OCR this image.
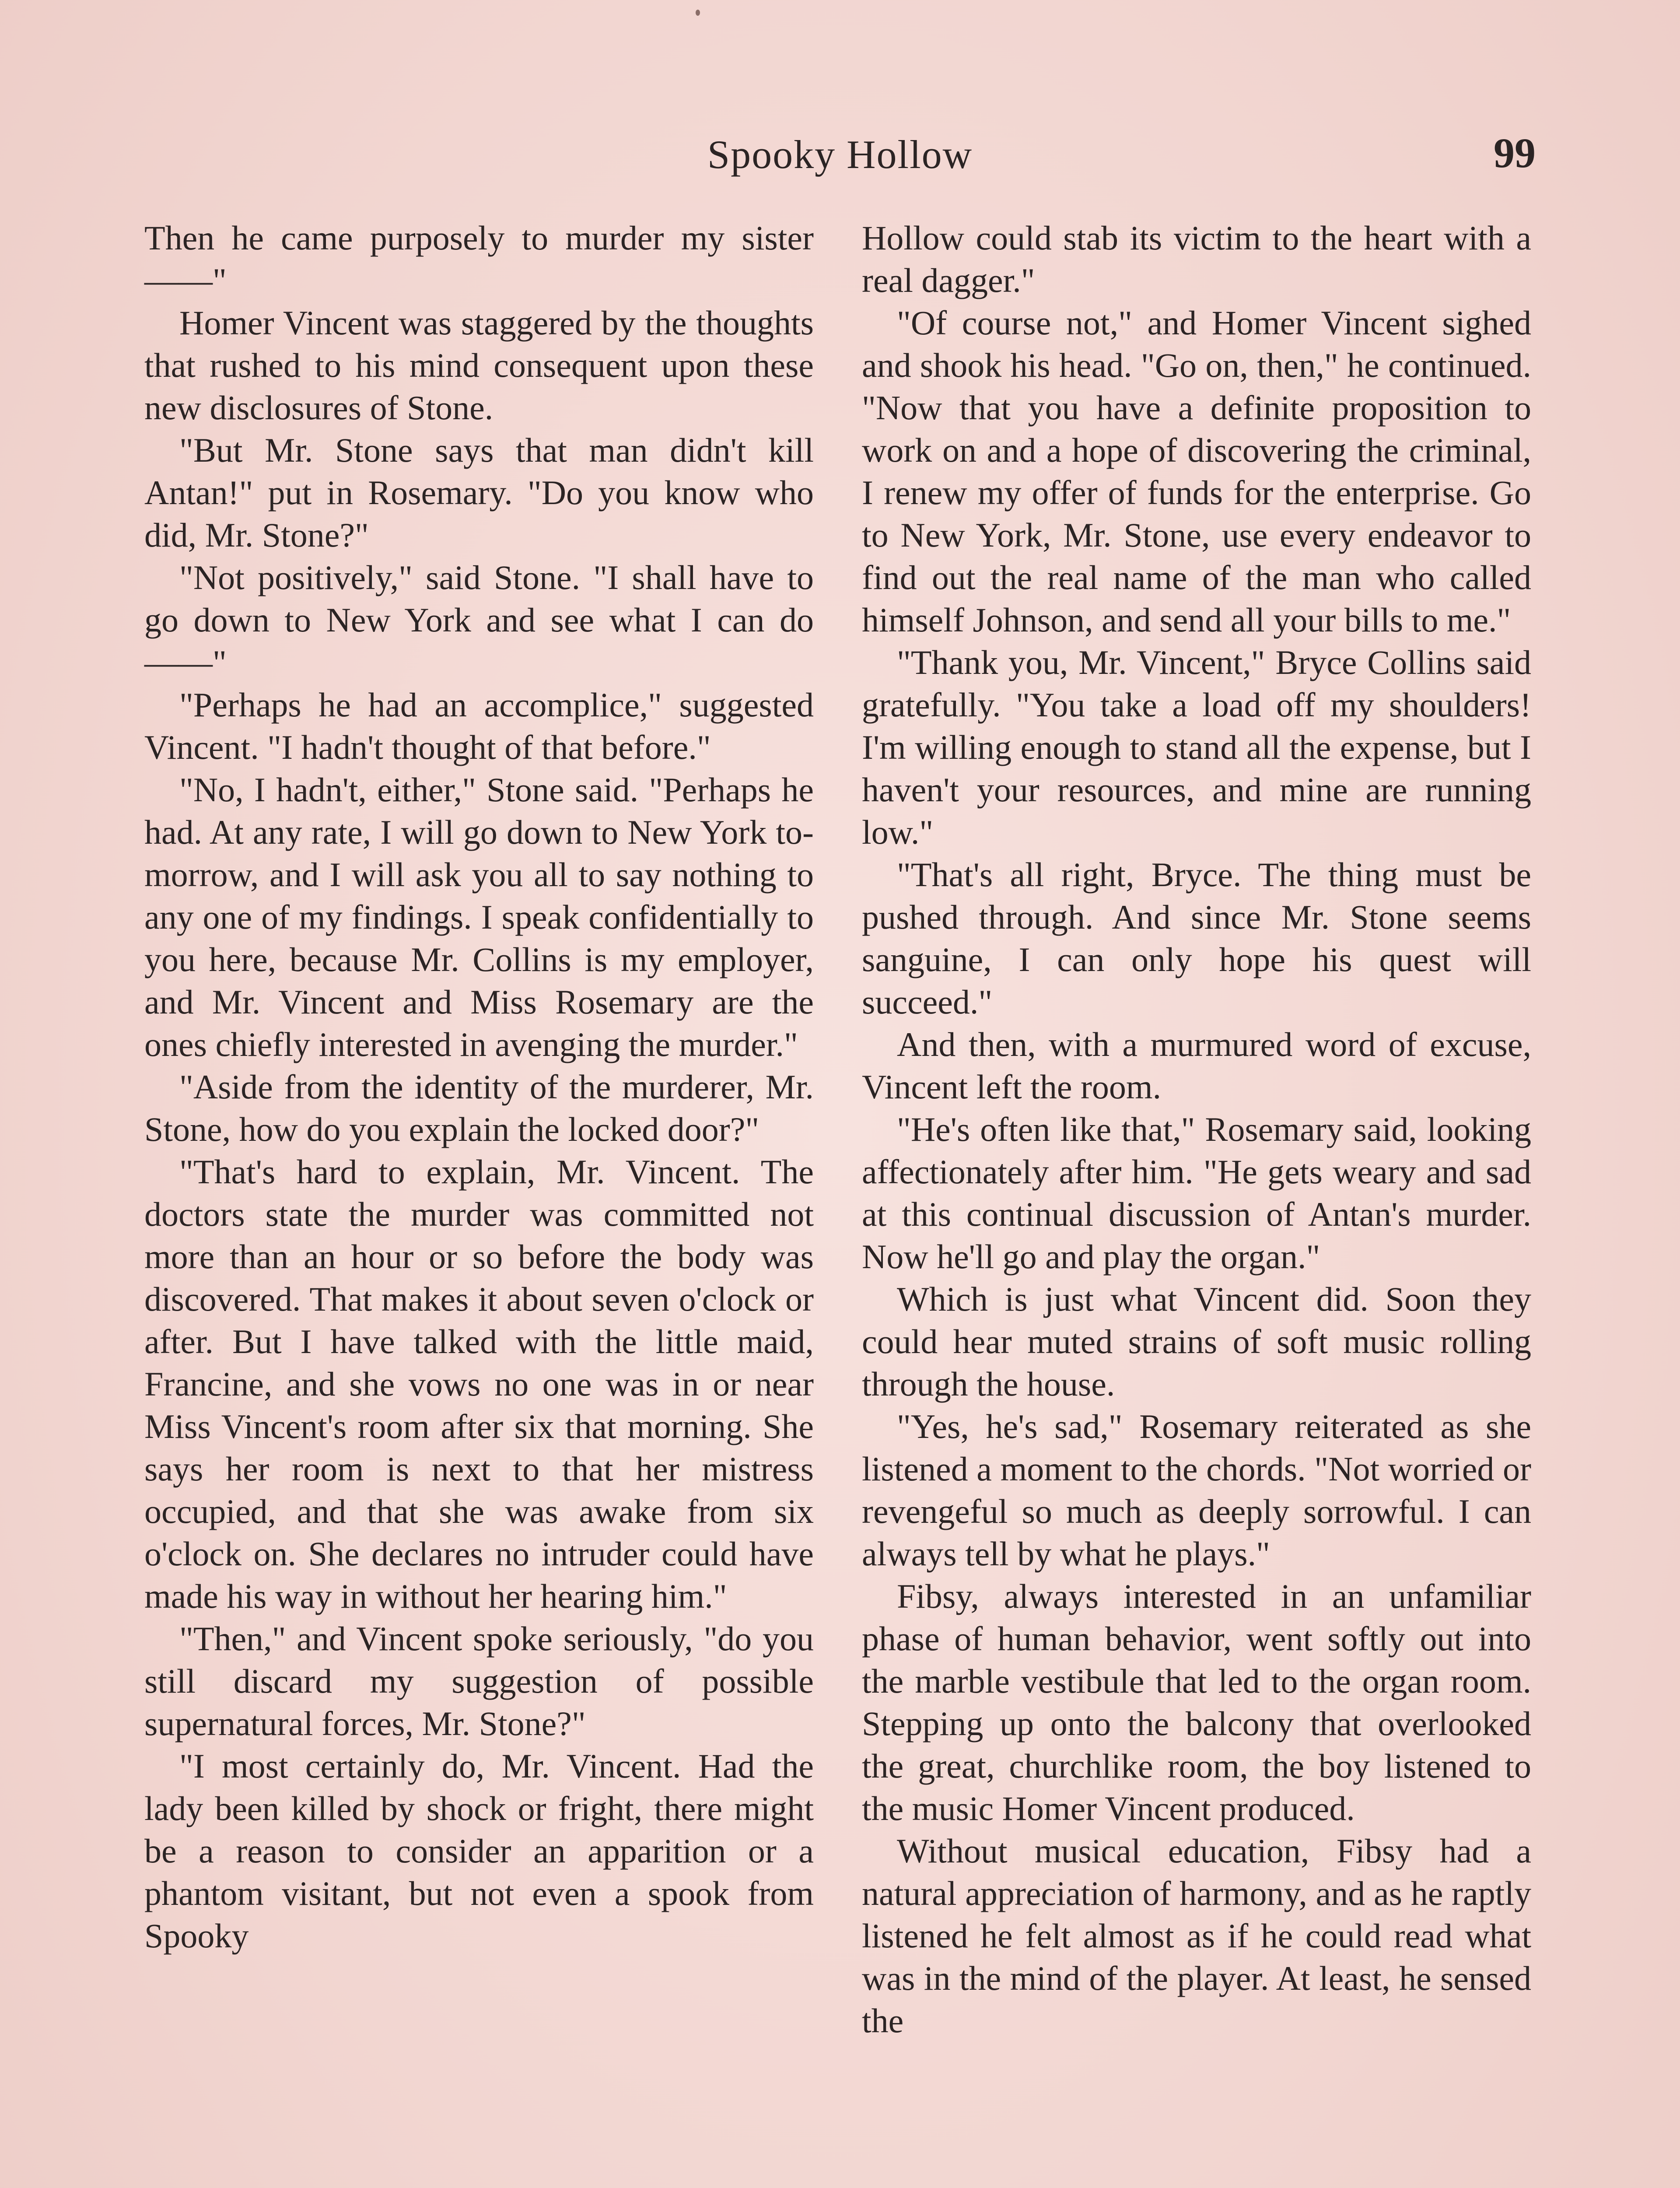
Spooky Hollow	99

Then he came purposely to murder my sister——"

Homer Vincent was staggered by the thoughts that rushed to his mind consequent upon these new disclosures of Stone.

"But Mr. Stone says that man didn't kill Antan!" put in Rosemary. "Do you know who did, Mr. Stone?"

"Not positively," said Stone. "I shall have to go down to New York and see what I can do——"

"Perhaps he had an accomplice," suggested Vincent. "I hadn't thought of that before."

"No, I hadn't, either," Stone said. "Perhaps he had. At any rate, I will go down to New York to-morrow, and I will ask you all to say nothing to any one of my findings. I speak confidentially to you here, because Mr. Collins is my employer, and Mr. Vincent and Miss Rosemary are the ones chiefly interested in avenging the murder."

"Aside from the identity of the murderer, Mr. Stone, how do you explain the locked door?"

"That's hard to explain, Mr. Vincent. The doctors state the murder was committed not more than an hour or so before the body was discovered. That makes it about seven o'clock or after. But I have talked with the little maid, Francine, and she vows no one was in or near Miss Vincent's room after six that morning. She says her room is next to that her mistress occupied, and that she was awake from six o'clock on. She declares no intruder could have made his way in without her hearing him."

"Then," and Vincent spoke seriously, "do you still discard my suggestion of possible supernatural forces, Mr. Stone?"

"I most certainly do, Mr. Vincent. Had the lady been killed by shock or fright, there might be a reason to consider an apparition or a phantom visitant, but not even a spook from Spooky

Hollow could stab its victim to the heart with a real dagger."

"Of course not," and Homer Vincent sighed and shook his head. "Go on, then," he continued. "Now that you have a definite proposition to work on and a hope of discovering the criminal, I renew my offer of funds for the enterprise. Go to New York, Mr. Stone, use every endeavor to find out the real name of the man who called himself Johnson, and send all your bills to me."

"Thank you, Mr. Vincent," Bryce Collins said gratefully. "You take a load off my shoulders! I'm willing enough to stand all the expense, but I haven't your resources, and mine are running low."

"That's all right, Bryce. The thing must be pushed through. And since Mr. Stone seems sanguine, I can only hope his quest will succeed."

And then, with a murmured word of excuse, Vincent left the room.

"He's often like that," Rosemary said, looking affectionately after him. "He gets weary and sad at this continual discussion of Antan's murder. Now he'll go and play the organ."

Which is just what Vincent did. Soon they could hear muted strains of soft music rolling through the house.

"Yes, he's sad," Rosemary reiterated as she listened a moment to the chords. "Not worried or revengeful so much as deeply sorrowful. I can always tell by what he plays."

Fibsy, always interested in an unfamiliar phase of human behavior, went softly out into the marble vestibule that led to the organ room. Stepping up onto the balcony that overlooked the great, churchlike room, the boy listened to the music Homer Vincent produced.

Without musical education, Fibsy had a natural appreciation of harmony, and as he raptly listened he felt almost as if he could read what was in the mind of the player. At least, he sensed the
